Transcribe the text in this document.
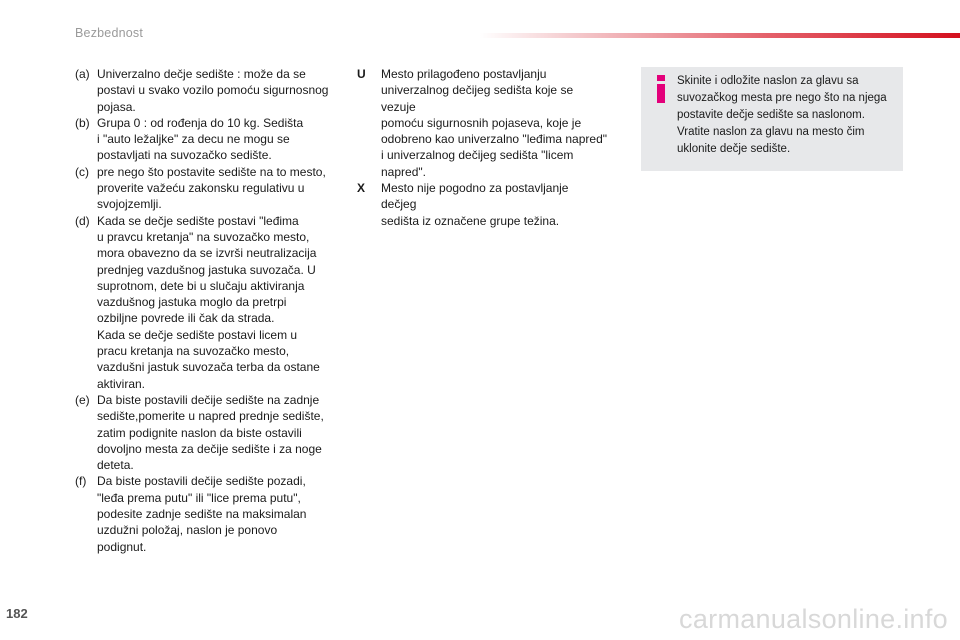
Bezbednost
(a) Univerzalno dečje sedište : može da se
postavi u svako vozilo pomoću sigurnosnog
pojasa.
(b) Grupa 0 : od rođenja do 10 kg. Sedišta
i "auto ležaljke" za decu ne mogu se
postavljati na suvozačko sedište.
(c) pre nego što postavite sedište na to mesto,
proverite važeću zakonsku regulativu u
svojojzemlji.
(d) Kada se dečje sedište postavi "leđima
u pravcu kretanja" na suvozačko mesto,
mora obavezno da se izvrši neutralizacija
prednjeg vazdušnog jastuka suvozača. U
suprotnom, dete bi u slučaju aktiviranja
vazdušnog jastuka moglo da pretrpi
ozbiljne povrede ili čak da strada.
Kada se dečje sedište postavi licem u
pracu kretanja na suvozačko mesto,
vazdušni jastuk suvozača terba da ostane
aktiviran.
(e) Da biste postavili dečije sedište na zadnje
sedište,pomerite u napred prednje sedište,
zatim podignite naslon da biste ostavili
dovoljno mesta za dečije sedište i za noge
deteta.
(f) Da biste postavili dečije sedište pozadi,
"leđa prema putu" ili "lice prema putu",
podesite zadnje sedište na maksimalan
uzdužni položaj, naslon je ponovo
podignut.
U	Mesto prilagođeno postavljanju
univerzalnog dečijeg sedišta koje se vezuje
pomoću sigurnosnih pojaseva, koje je
odobreno kao univerzalno "leđima napred"
i univerzalnog dečijeg sedišta "licem
napred".
X	Mesto nije pogodno za postavljanje dečjeg
sedišta iz označene grupe težina.
Skinite i odložite naslon za glavu sa
suvozačkog mesta pre nego što na njega
postavite dečje sedište sa naslonom.
Vratite naslon za glavu na mesto čim
uklonite dečje sedište.
182	carmanualsonline.info
